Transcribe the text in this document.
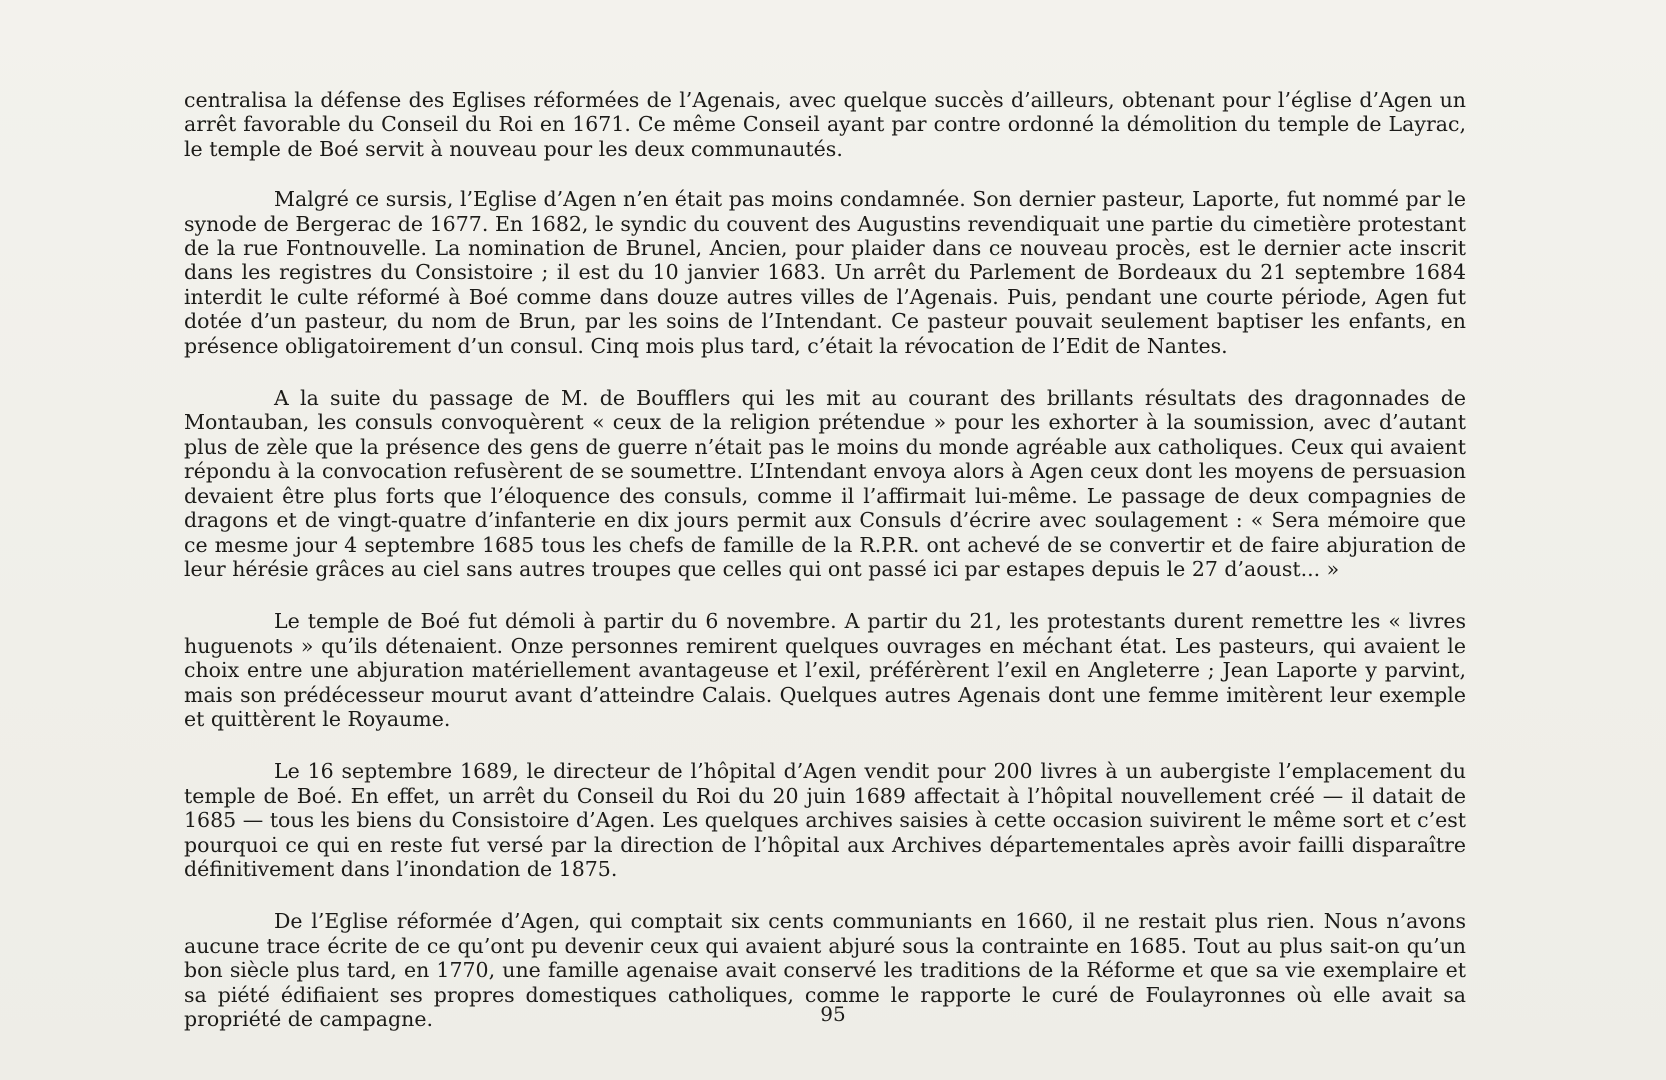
centralisa la défense des Eglises réformées de l’Agenais, avec quelque succès d’ailleurs, obtenant pour l’église d’Agen un arrêt favorable du Conseil du Roi en 1671. Ce même Conseil ayant par contre ordonné la démolition du temple de Layrac, le temple de Boé servit à nouveau pour les deux communautés.

Malgré ce sursis, l’Eglise d’Agen n’en était pas moins condamnée. Son dernier pasteur, Laporte, fut nommé par le synode de Bergerac de 1677. En 1682, le syndic du couvent des Augustins revendiquait une partie du cimetière protestant de la rue Fontnouvelle. La nomination de Brunel, Ancien, pour plaider dans ce nouveau procès, est le dernier acte inscrit dans les registres du Consistoire ; il est du 10 janvier 1683. Un arrêt du Parlement de Bordeaux du 21 septembre 1684 interdit le culte réformé à Boé comme dans douze autres villes de l’Agenais. Puis, pendant une courte période, Agen fut dotée d’un pasteur, du nom de Brun, par les soins de l’Intendant. Ce pasteur pouvait seulement baptiser les enfants, en présence obligatoirement d’un consul. Cinq mois plus tard, c’était la révocation de l’Edit de Nantes.

A la suite du passage de M. de Boufflers qui les mit au courant des brillants résultats des dragonnades de Montauban, les consuls convoquèrent « ceux de la religion prétendue » pour les exhorter à la soumission, avec d’autant plus de zèle que la présence des gens de guerre n’était pas le moins du monde agréable aux catholiques. Ceux qui avaient répondu à la convocation refusèrent de se soumettre. L’Intendant envoya alors à Agen ceux dont les moyens de persuasion devaient être plus forts que l’éloquence des consuls, comme il l’affirmait lui-même. Le passage de deux compagnies de dragons et de vingt-quatre d’infanterie en dix jours permit aux Consuls d’écrire avec soulagement : « Sera mémoire que ce mesme jour 4 septembre 1685 tous les chefs de famille de la R.P.R. ont achevé de se convertir et de faire abjuration de leur hérésie grâces au ciel sans autres troupes que celles qui ont passé ici par estapes depuis le 27 d’aoust... »

Le temple de Boé fut démoli à partir du 6 novembre. A partir du 21, les protestants durent remettre les « livres huguenots » qu’ils détenaient. Onze personnes remirent quelques ouvrages en méchant état. Les pasteurs, qui avaient le choix entre une abjuration matériellement avantageuse et l’exil, préférèrent l’exil en Angleterre ; Jean Laporte y parvint, mais son prédécesseur mourut avant d’atteindre Calais. Quelques autres Agenais dont une femme imitèrent leur exemple et quittèrent le Royaume.

Le 16 septembre 1689, le directeur de l’hôpital d’Agen vendit pour 200 livres à un aubergiste l’emplacement du temple de Boé. En effet, un arrêt du Conseil du Roi du 20 juin 1689 affectait à l’hôpital nouvellement créé — il datait de 1685 — tous les biens du Consistoire d’Agen. Les quelques archives saisies à cette occasion suivirent le même sort et c’est pourquoi ce qui en reste fut versé par la direction de l’hôpital aux Archives départementales après avoir failli disparaître définitivement dans l’inondation de 1875.

De l’Eglise réformée d’Agen, qui comptait six cents communiants en 1660, il ne restait plus rien. Nous n’avons aucune trace écrite de ce qu’ont pu devenir ceux qui avaient abjuré sous la contrainte en 1685. Tout au plus sait-on qu’un bon siècle plus tard, en 1770, une famille agenaise avait conservé les traditions de la Réforme et que sa vie exemplaire et sa piété édifiaient ses propres domestiques catholiques, comme le rapporte le curé de Foulayronnes où elle avait sa propriété de campagne.	95
